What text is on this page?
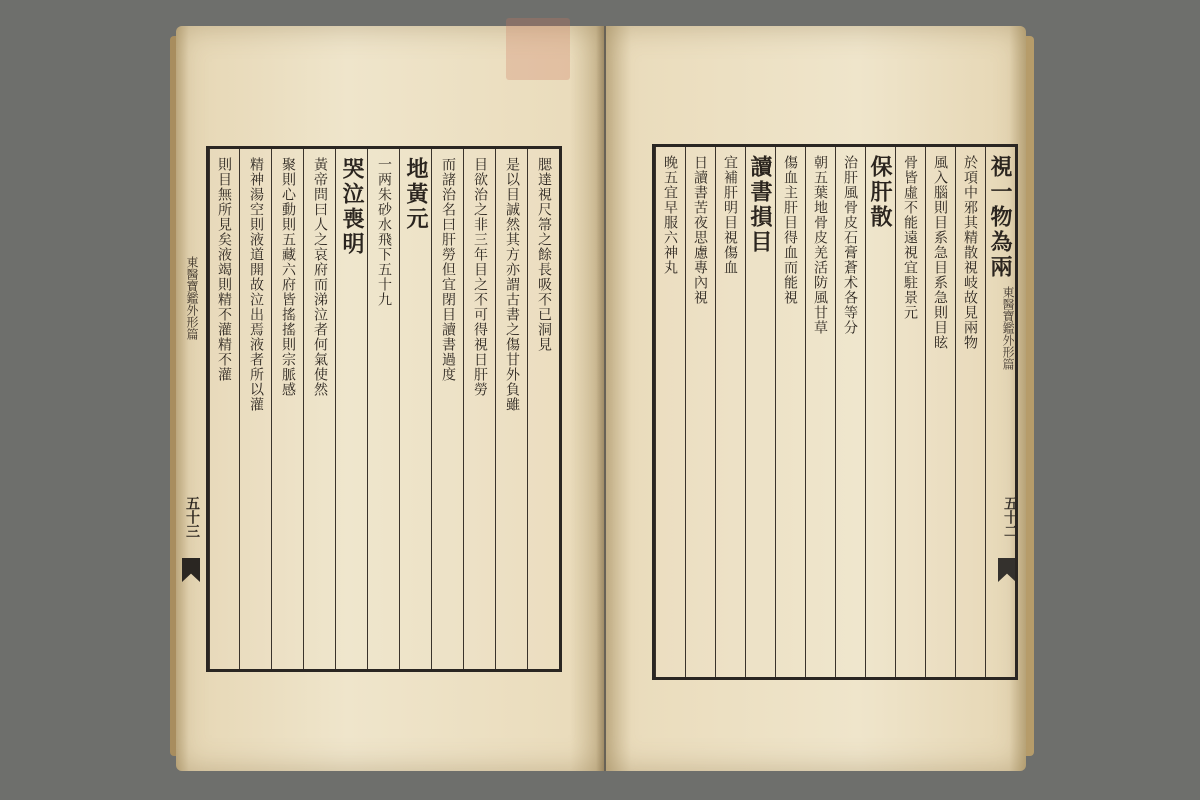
東醫寶鑑外形篇
五十三
腮達視尺箒之餘長吸不已洞見
是以目誠然其方亦謂古書之傷甘外負雖
目欲治之非三年目之不可得視日肝勞
而諸治名曰肝勞但宜閉目讀書過度
地黃元
一两朱砂水飛下五十九
哭泣喪明
黃帝問曰人之哀府而涕泣者何氣使然
聚則心動則五藏六府皆搖搖則宗脈感
精神湯空則液道開故泣出焉液者所以灌
則目無所見矣液竭則精不灌精不灌	東醫寶鑑外形篇
五十二
視一物為兩
於項中邪其精散視岐故見兩物
風入腦則目系急目系急則目眩
骨皆虛不能遠視宜駐景元
保肝散
治肝風骨皮石膏蒼术各等分
朝五葉地骨皮羌活防風甘草
傷血主肝目得血而能視
讀書損目
宜補肝明目視傷血
日讀書苦夜思慮專內視
晚五宜早服六神丸
